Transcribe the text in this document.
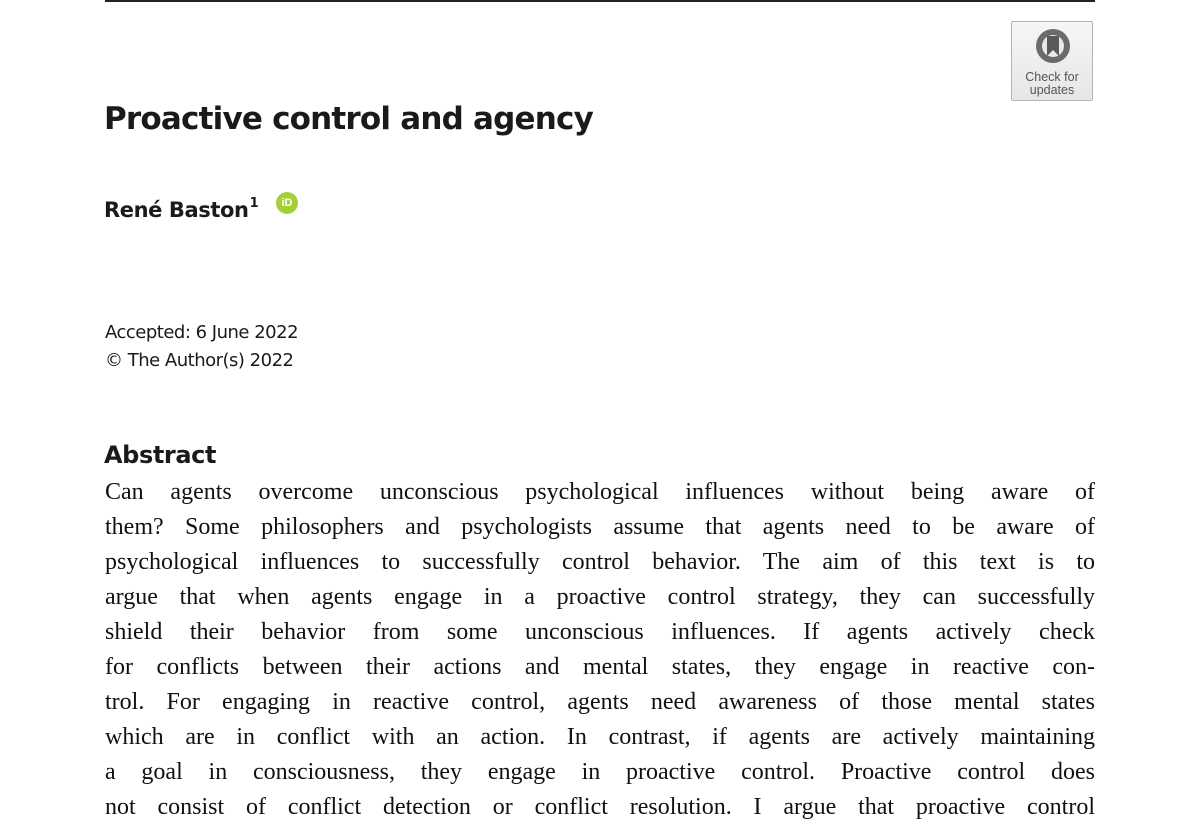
Check for
updates
Proactive control and agency
René Baston$^1$	iD
Accepted: 6 June 2022
© The Author(s) 2022
Abstract
Can agents overcome unconscious psychological influences without being aware of
them? Some philosophers and psychologists assume that agents need to be aware of
psychological influences to successfully control behavior. The aim of this text is to
argue that when agents engage in a proactive control strategy, they can successfully
shield their behavior from some unconscious influences. If agents actively check
for conflicts between their actions and mental states, they engage in reactive con-
trol. For engaging in reactive control, agents need awareness of those mental states
which are in conflict with an action. In contrast, if agents are actively maintaining
a goal in consciousness, they engage in proactive control. Proactive control does
not consist of conflict detection or conflict resolution. I argue that proactive control
